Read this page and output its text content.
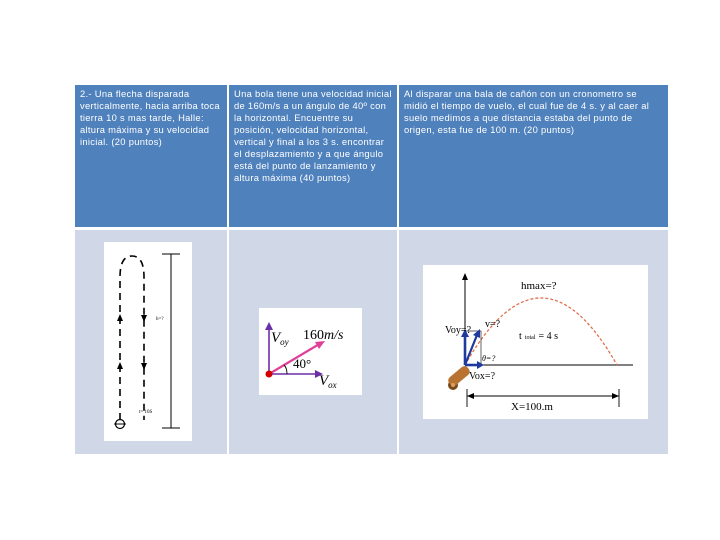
2.- Una flecha disparada verticalmente, hacia arriba toca tierra 10 s mas tarde, Halle: altura máxima y su velocidad inicial. (20 puntos)
Una bola tiene una velocidad inicial de 160m/s a un ángulo de 40º con la horizontal. Encuentre su posición, velocidad horizontal, vertical y final a los 3 s. encontrar el desplazamiento y a que ángulo está del punto de lanzamiento y altura máxima (40 puntos)
Al disparar una bala de cañón con un cronometro se midió el tiempo de vuelo, el cual fue de 4 s. y al caer al suelo medimos a que distancia estaba del punto de origen, esta fue de 100 m. (20 puntos)
h=?
t= 10S
$V_{oy}$ 160m/s
40°
$V_{ox}$
hmax=?
Voy=?
v=?
ttotal = 4 s
θ=?
Vox=?
X=100.m
